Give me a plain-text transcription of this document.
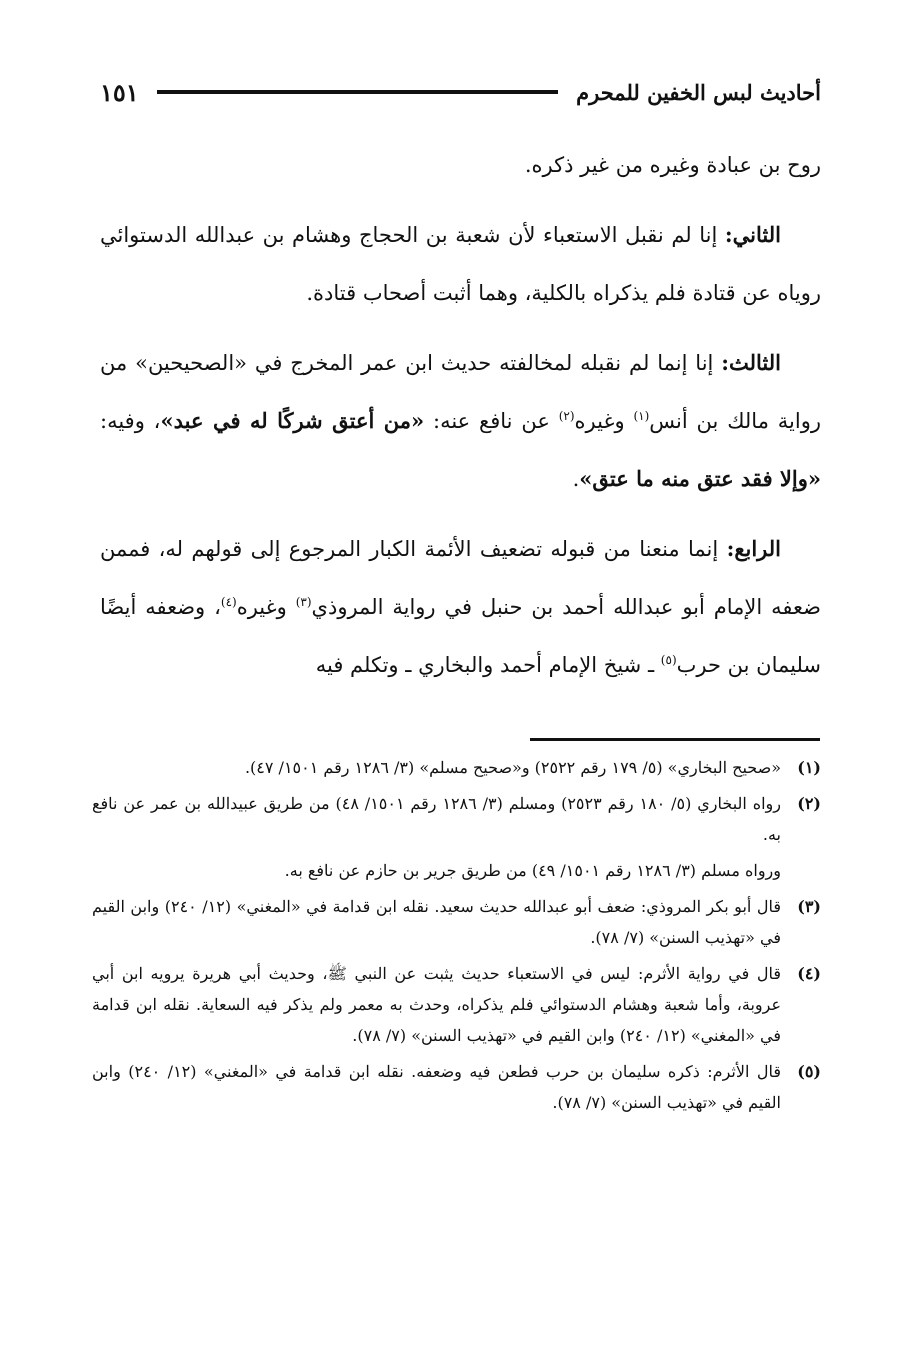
أحاديث لبس الخفين للمحرم
١٥١

روح بن عبادة وغيره من غير ذكره.

الثاني: إنا لم نقبل الاستعباء لأن شعبة بن الحجاج وهشام بن عبدالله الدستوائي روياه عن قتادة فلم يذكراه بالكلية، وهما أثبت أصحاب قتادة.

الثالث: إنا إنما لم نقبله لمخالفته حديث ابن عمر المخرج في «الصحيحين» من رواية مالك بن أنس$^{(١)}$ وغيره$^{(٢)}$ عن نافع عنه: «من أعتق شركًا له في عبد»، وفيه: «وإلا فقد عتق منه ما عتق».

الرابع: إنما منعنا من قبوله تضعيف الأئمة الكبار المرجوع إلى قولهم له، فممن ضعفه الإمام أبو عبدالله أحمد بن حنبل في رواية المروذي$^{(٣)}$ وغيره$^{(٤)}$، وضعفه أيضًا سليمان بن حرب$^{(٥)}$ ـ شيخ الإمام أحمد والبخاري ـ وتكلم فيه

(١)
«صحيح البخاري» (٥/ ١٧٩ رقم ٢٥٢٢) و«صحيح مسلم» (٣/ ١٢٨٦ رقم ١٥٠١/ ٤٧).
(٢)
رواه البخاري (٥/ ١٨٠ رقم ٢٥٢٣) ومسلم (٣/ ١٢٨٦ رقم ١٥٠١/ ٤٨) من طريق عبيدالله بن عمر عن نافع به.
ورواه مسلم (٣/ ١٢٨٦ رقم ١٥٠١/ ٤٩) من طريق جرير بن حازم عن نافع به.
(٣)
قال أبو بكر المروذي: ضعف أبو عبدالله حديث سعيد. نقله ابن قدامة في «المغني» (١٢/ ٢٤٠) وابن القيم في «تهذيب السنن» (٧/ ٧٨).
(٤)
قال في رواية الأثرم: ليس في الاستعباء حديث يثبت عن النبي ﷺ، وحديث أبي هريرة يرويه ابن أبي عروبة، وأما شعبة وهشام الدستوائي فلم يذكراه، وحدث به معمر ولم يذكر فيه السعاية. نقله ابن قدامة في «المغني» (١٢/ ٢٤٠) وابن القيم في «تهذيب السنن» (٧/ ٧٨).
(٥)
قال الأثرم: ذكره سليمان بن حرب فطعن فيه وضعفه. نقله ابن قدامة في «المغني» (١٢/ ٢٤٠) وابن القيم في «تهذيب السنن» (٧/ ٧٨).
